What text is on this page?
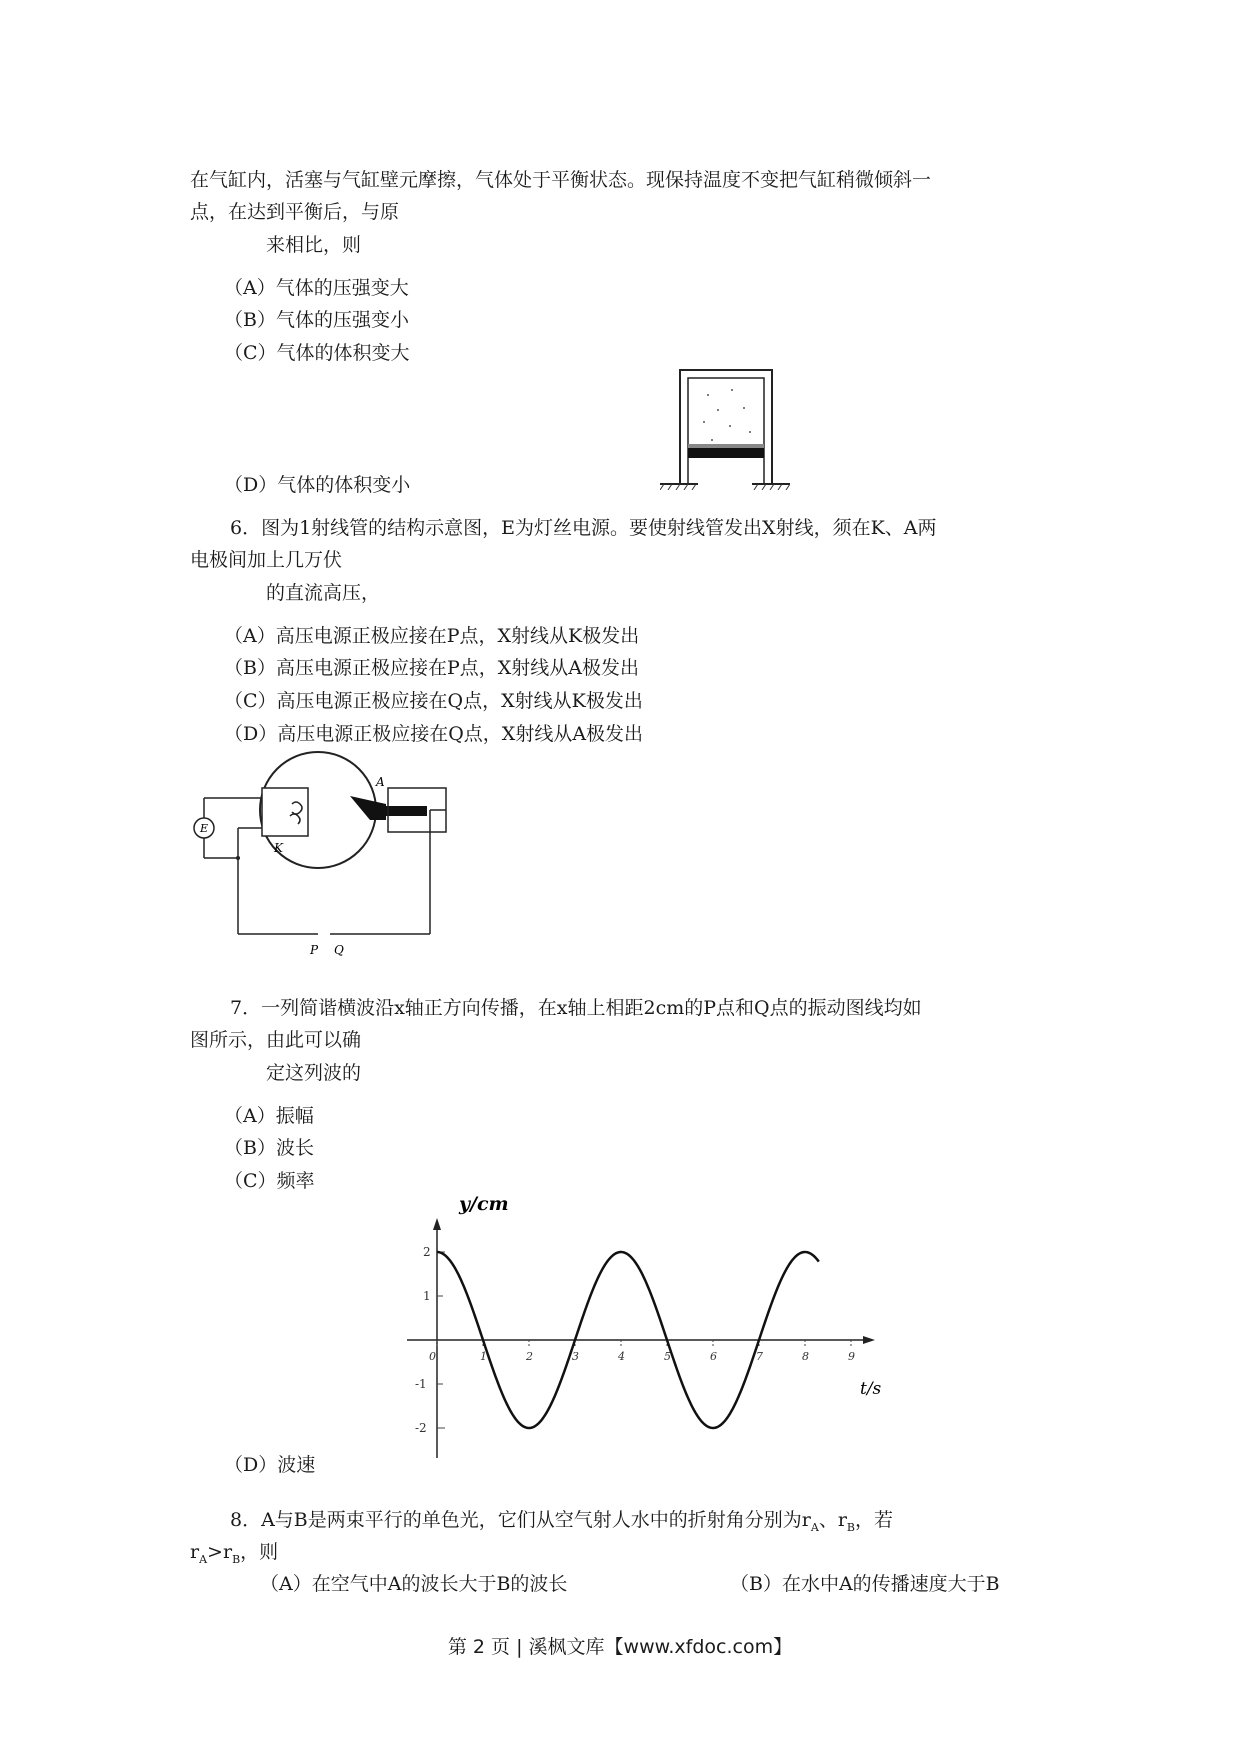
在气缸内，活塞与气缸壁元摩擦，气体处于平衡状态。现保持温度不变把气缸稍微倾斜一
点，在达到平衡后，与原
来相比，则
（A）气体的压强变大
（B）气体的压强变小
（C）气体的体积变大
（D）气体的体积变小
6．图为1射线管的结构示意图，E为灯丝电源。要使射线管发出X射线，须在K、A两
电极间加上几万伏
的直流高压，
（A）高压电源正极应接在P点，X射线从K极发出
（B）高压电源正极应接在P点，X射线从A极发出
（C）高压电源正极应接在Q点，X射线从K极发出
（D）高压电源正极应接在Q点，X射线从A极发出
A
K
E
P Q
7．一列简谐横波沿x轴正方向传播，在x轴上相距2cm的P点和Q点的振动图线均如
图所示，由此可以确
定这列波的
（A）振幅
（B）波长
（C）频率
（D）波速
0	1	2	3	4	5	6	7	8	9
2
1
-1
-2
y/cm
t/s
8．A与B是两束平行的单色光，它们从空气射人水中的折射角分别为$r_A$、$r_B$，若
$r_A>r_B$，则
（A）在空气中A的波长大于B的波长	（B）在水中A的传播速度大于B
第 2 页 | 溪枫文库【www.xfdoc.com】
